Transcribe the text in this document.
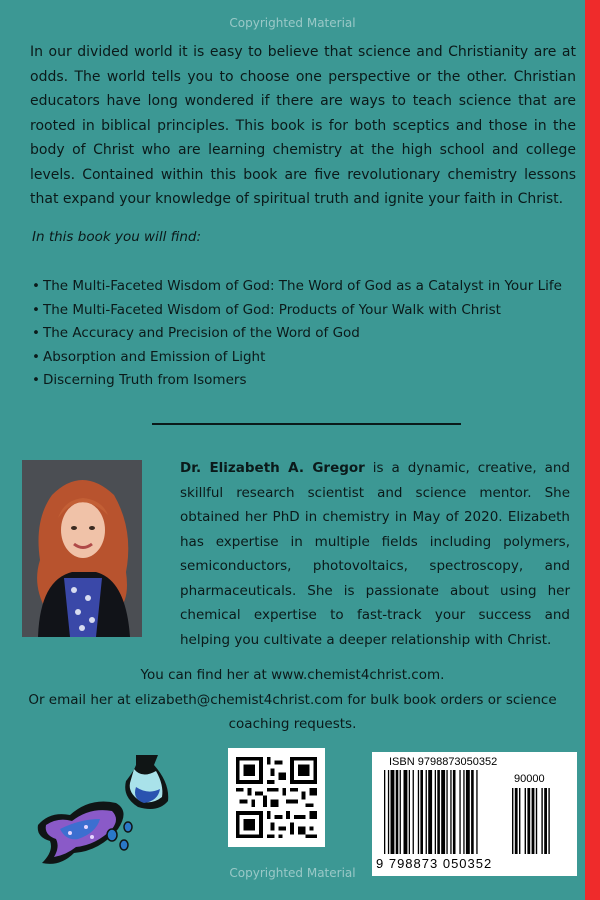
Copyrighted Material

In our divided world it is easy to believe that science and Christianity are at odds. The world tells you to choose one perspective or the other. Christian educators have long wondered if there are ways to teach science that are rooted in biblical principles. This book is for both sceptics and those in the body of Christ who are learning chemistry at the high school and college levels. Contained within this book are five revolutionary chemistry lessons that expand your knowledge of spiritual truth and ignite your faith in Christ.

In this book you will find:

• The Multi-Faceted Wisdom of God: The Word of God as a Catalyst in Your Life
• The Multi-Faceted Wisdom of God: Products of Your Walk with Christ
• The Accuracy and Precision of the Word of God
• Absorption and Emission of Light
• Discerning Truth from Isomers

Dr. Elizabeth A. Gregor is a dynamic, creative, and skillful research scientist and science mentor. She obtained her PhD in chemistry in May of 2020. Elizabeth has expertise in multiple fields including polymers, semiconductors, photovoltaics, spectroscopy, and pharmaceuticals. She is passionate about using her chemical expertise to fast-track your success and helping you cultivate a deeper relationship with Christ.

You can find her at www.chemist4christ.com.
Or email her at elizabeth@chemist4christ.com for bulk book orders or science
coaching requests.
ISBN 9798873050352
90000
9 798873 050352
Copyrighted Material
